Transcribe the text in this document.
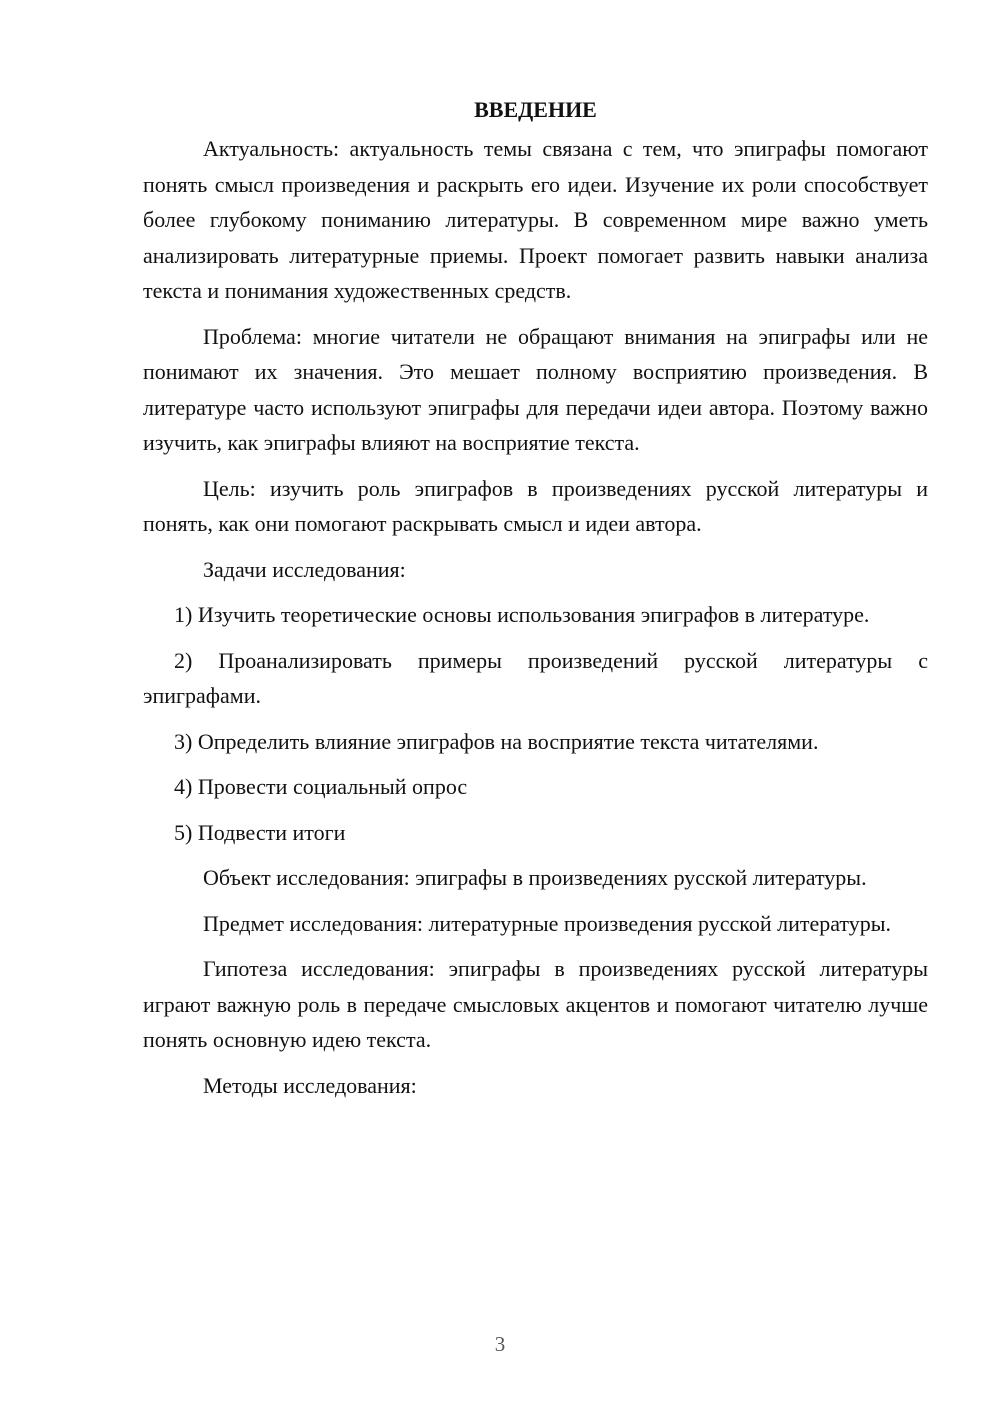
ВВЕДЕНИЕ

Актуальность: актуальность темы связана с тем, что эпиграфы помогают понять смысл произведения и раскрыть его идеи. Изучение их роли способствует более глубокому пониманию литературы. В современном мире важно уметь анализировать литературные приемы. Проект помогает развить навыки анализа текста и понимания художественных средств.

Проблема: многие читатели не обращают внимания на эпиграфы или не понимают их значения. Это мешает полному восприятию произведения. В литературе часто используют эпиграфы для передачи идеи автора. Поэтому важно изучить, как эпиграфы влияют на восприятие текста.

Цель: изучить роль эпиграфов в произведениях русской литературы и понять, как они помогают раскрывать смысл и идеи автора.

Задачи исследования:

1) Изучить теоретические основы использования эпиграфов в литературе.

2) Проанализировать примеры произведений русской литературы с эпиграфами.

3) Определить влияние эпиграфов на восприятие текста читателями.

4) Провести социальный опрос

5) Подвести итоги

Объект исследования: эпиграфы в произведениях русской литературы.

Предмет исследования: литературные произведения русской литературы.

Гипотеза исследования: эпиграфы в произведениях русской литературы играют важную роль в передаче смысловых акцентов и помогают читателю лучше понять основную идею текста.

Методы исследования:

3
